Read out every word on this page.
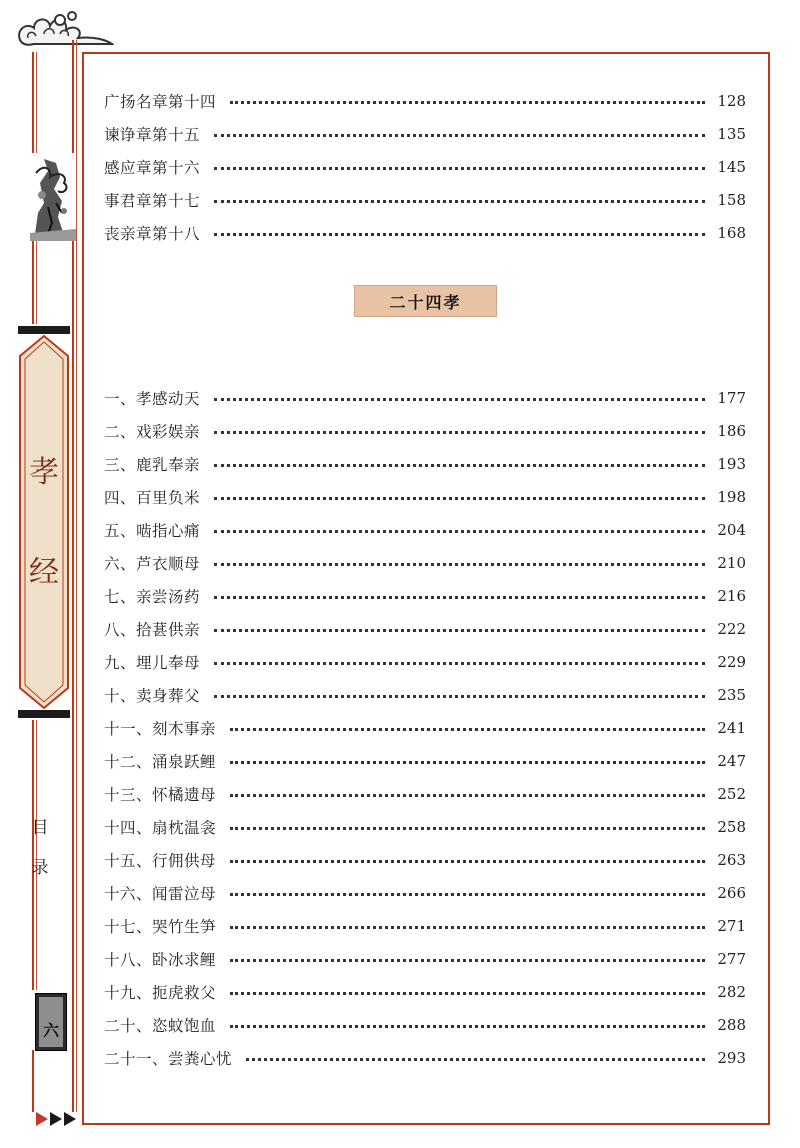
孝
经
目
录
六
广扬名章第十四	128
谏诤章第十五	135
感应章第十六	145
事君章第十七	158
丧亲章第十八	168
二十四孝
一、孝感动天	177
二、戏彩娱亲	186
三、鹿乳奉亲	193
四、百里负米	198
五、啮指心痛	204
六、芦衣顺母	210
七、亲尝汤药	216
八、拾葚供亲	222
九、埋儿奉母	229
十、卖身葬父	235
十一、刻木事亲	241
十二、涌泉跃鲤	247
十三、怀橘遗母	252
十四、扇枕温衾	258
十五、行佣供母	263
十六、闻雷泣母	266
十七、哭竹生笋	271
十八、卧冰求鲤	277
十九、扼虎救父	282
二十、恣蚊饱血	288
二十一、尝粪心忧	293
